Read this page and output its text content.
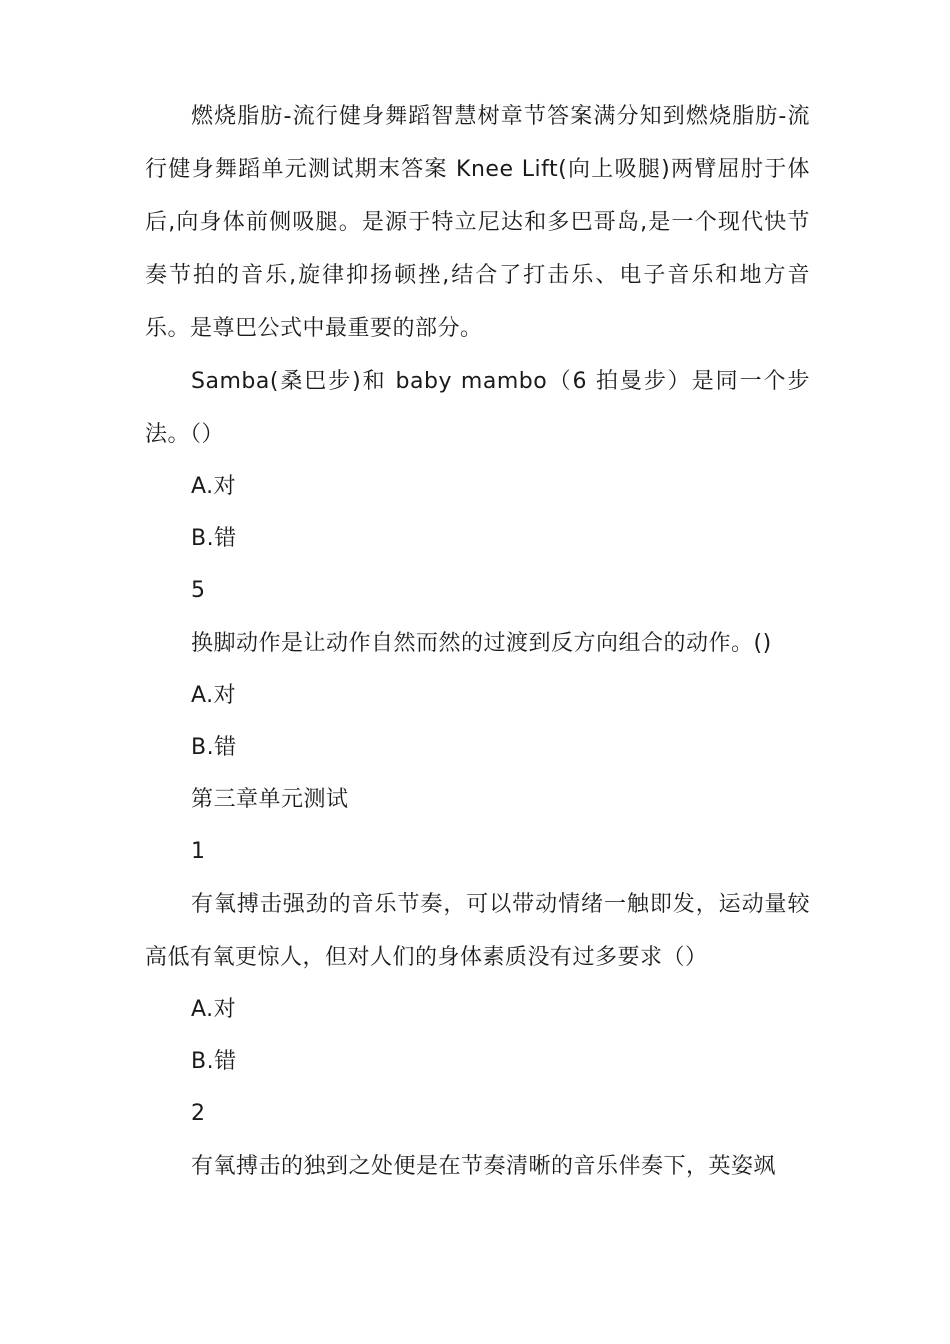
燃烧脂肪-流行健身舞蹈智慧树章节答案满分知到燃烧脂肪-流行健身舞蹈单元测试期末答案 Knee Lift(向上吸腿)两臂屈肘于体后,向身体前侧吸腿。是源于特立尼达和多巴哥岛,是一个现代快节奏节拍的音乐,旋律抑扬顿挫,结合了打击乐、电子音乐和地方音乐。是尊巴公式中最重要的部分。

Samba(桑巴步)和 baby mambo（6 拍曼步）是同一个步法。（）

A.对

B.错

5

换脚动作是让动作自然而然的过渡到反方向组合的动作。()

A.对

B.错

第三章单元测试

1

有氧搏击强劲的音乐节奏，可以带动情绪一触即发，运动量较高低有氧更惊人，但对人们的身体素质没有过多要求（）

A.对

B.错

2

有氧搏击的独到之处便是在节奏清晰的音乐伴奏下，英姿飒
